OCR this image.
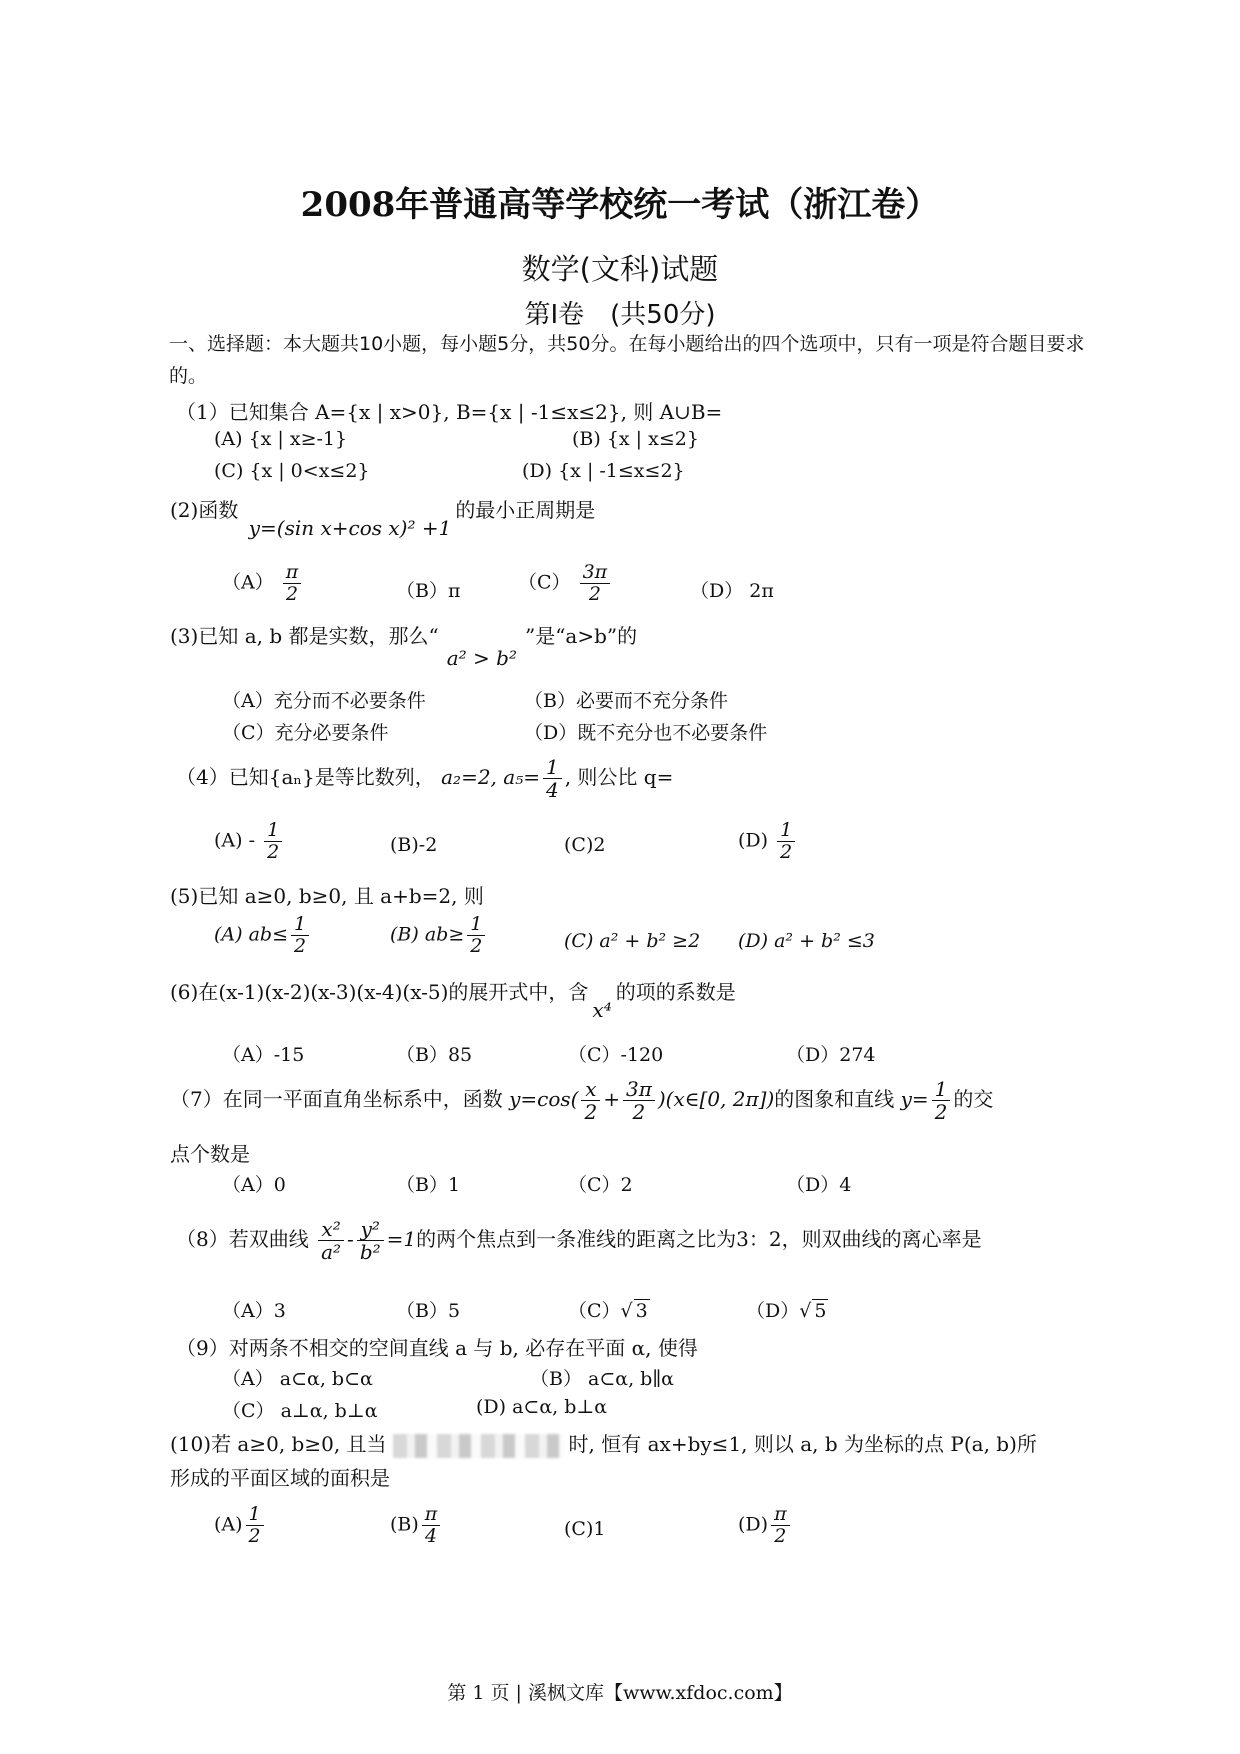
2008年普通高等学校统一考试（浙江卷）
数学(文科)试题
第Ⅰ卷　(共50分)
一、选择题：本大题共10小题，每小题5分，共50分。在每小题给出的四个选项中，只有一项是符合题目要求的。
（1）已知集合 A={x | x>0}, B={x | -1≤x≤2}, 则 A∪B=
(A) {x | x≥-1}	(B) {x | x≤2}
(C) {x | 0<x≤2}	(D) {x | -1≤x≤2}
(2)函数 y=(sin x+cos x)² +1的最小正周期是
$(A) \frac{\pi}{2}$	（B）π	$(C) \frac{3\pi}{2}$	（D） 2π
(3)已知 a, b 都是实数，那么“a² > b²”是“a>b”的
（A）充分而不必要条件	（B）必要而不充分条件
（C）充分必要条件	（D）既不充分也不必要条件
（4）已知{aₙ}是等比数列， a₂=2, $a_5= \frac{1}{4}$ , 则公比 q=
$(A) - \frac{1}{2}$	(B)-2	(C)2	$(D) \frac{1}{2}$
(5)已知 a≥0, b≥0, 且 a+b=2, 则
(A) $ab\le \frac{1}{2}$	(B) $ab\ge \frac{1}{2}$	(C) a² + b² ≥2 (D) a² + b² ≤3
(6)在(x-1)(x-2)(x-3)(x-4)(x-5)的展开式中，含x⁴的项的系数是
（A）-15	（B）85	（C）-120	（D）274
（7）在同一平面直角坐标系中，函数 $y=\cos( \frac{x}{2} + \frac{3\pi}{2}$ )(x∈[0, 2π])的图象和直线 $y= \frac{1}{2}$ 的交
点个数是
（A）0	（B）1	（C）2	（D）4
（8）若双曲线 $\frac{\text{x²}}{\text{a²}} - \frac{\text{y²}}{\text{b²}} =1$的两个焦点到一条准线的距离之比为3：2，则双曲线的离心率是
（A）3	（B）5	（C）√ 3	（D）√ 5
（9）对两条不相交的空间直线 a 与 b, 必存在平面 α, 使得
（A） a⊂α, b⊂α	（B） a⊂α, b∥α
（C） a⊥α, b⊥α	(D) a⊂α, b⊥α
(10)若 a≥0, b≥0, 且当	时, 恒有 ax+by≤1, 则以 a, b 为坐标的点 P(a, b)所
形成的平面区域的面积是
$(A) \frac{1}{2}$	$(B) \frac{\pi}{4}$	(C)1	$(D) \frac{\pi}{2}$
第 1 页 | 溪枫文库【www.xfdoc.com】
